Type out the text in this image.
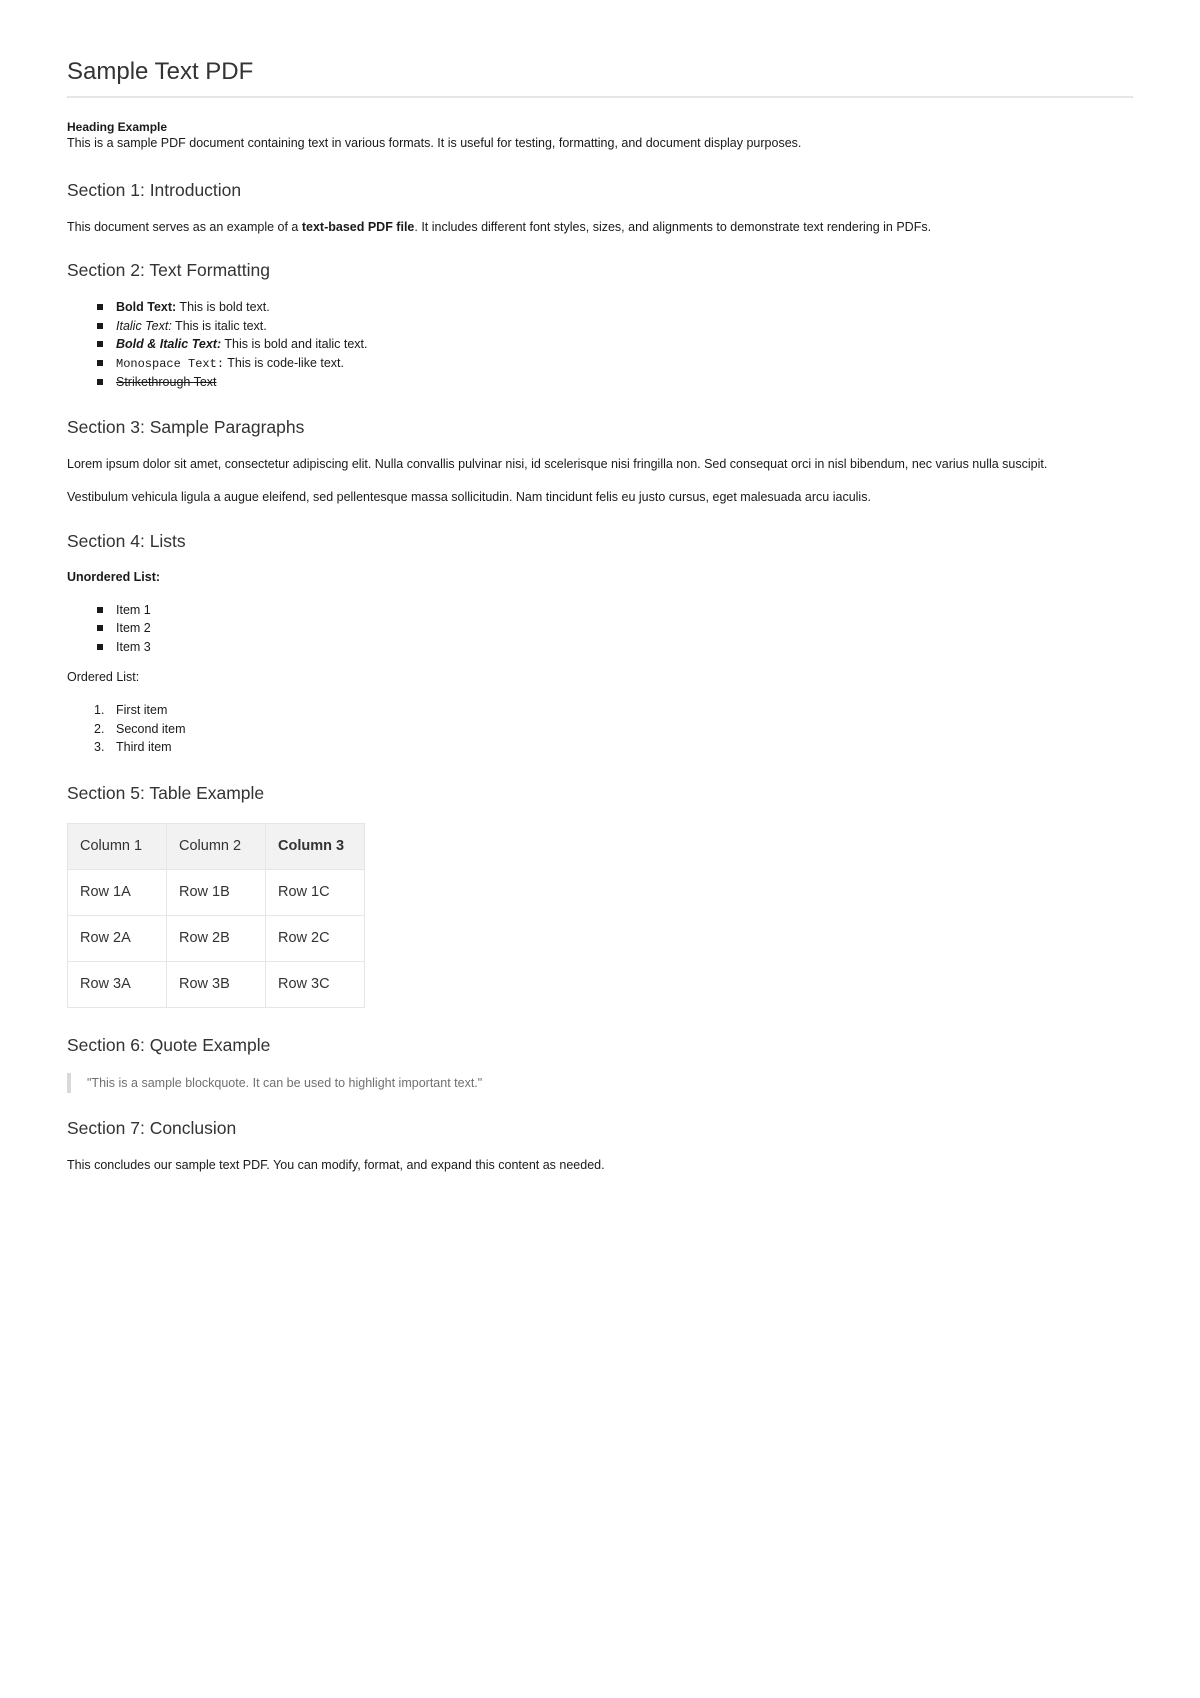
Sample Text PDF
Heading Example

This is a sample PDF document containing text in various formats. It is useful for testing, formatting, and document display purposes.

Section 1: Introduction

This document serves as an example of a text-based PDF file. It includes different font styles, sizes, and alignments to demonstrate text rendering in PDFs.

Section 2: Text Formatting
Bold Text: This is bold text.
Italic Text: This is italic text.
Bold & Italic Text: This is bold and italic text.
Monospace Text: This is code-like text.
Strikethrough Text
Section 3: Sample Paragraphs

Lorem ipsum dolor sit amet, consectetur adipiscing elit. Nulla convallis pulvinar nisi, id scelerisque nisi fringilla non. Sed consequat orci in nisl bibendum, nec varius nulla suscipit.

Vestibulum vehicula ligula a augue eleifend, sed pellentesque massa sollicitudin. Nam tincidunt felis eu justo cursus, eget malesuada arcu iaculis.

Section 4: Lists

Unordered List:

Item 1
Item 2
Item 3

Ordered List:

1. First item
2. Second item
3. Third item
Section 5: Table Example
Column 1	Column 2	Column 3
Row 1A	Row 1B	Row 1C
Row 2A	Row 2B	Row 2C
Row 3A	Row 3B	Row 3C
Section 6: Quote Example
"This is a sample blockquote. It can be used to highlight important text."
Section 7: Conclusion

This concludes our sample text PDF. You can modify, format, and expand this content as needed.
